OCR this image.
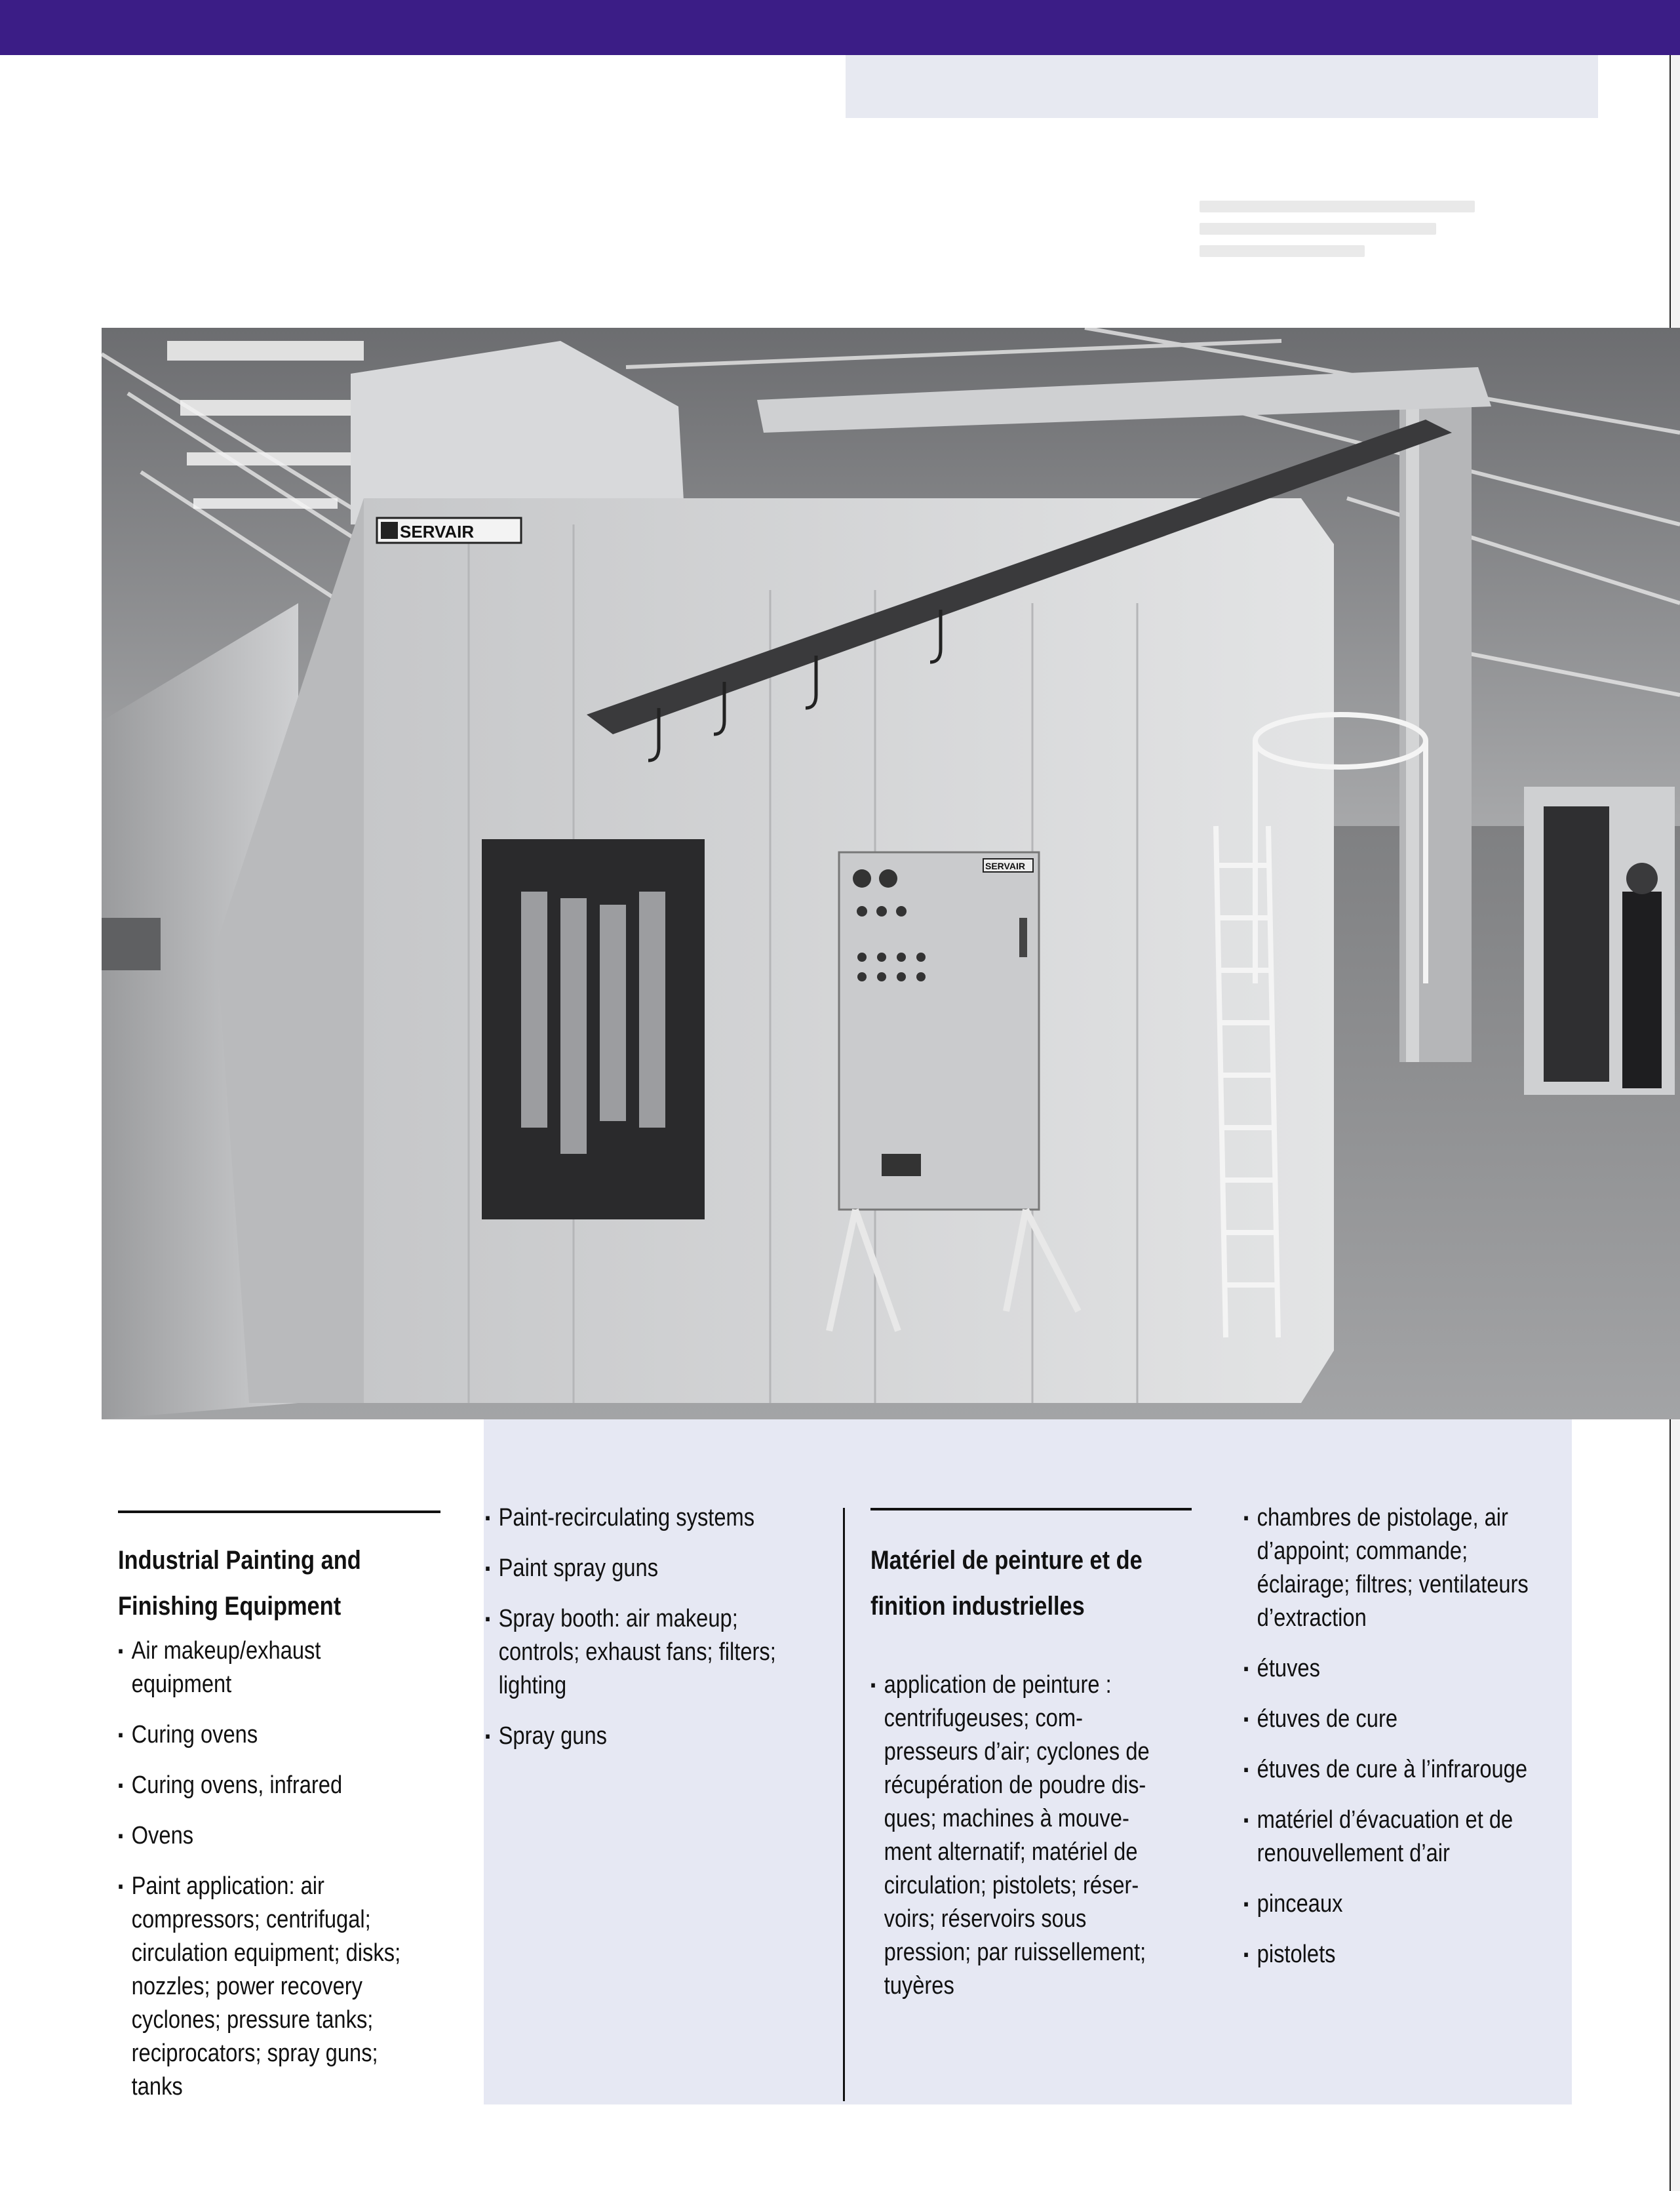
SERVAIR
SERVAIR
Industrial Painting and Finishing Equipment
▪ Air makeup/exhaust equipment
▪ Curing ovens
▪ Curing ovens, infrared
▪ Ovens
▪ Paint application: air compressors; centrifugal; circulation equipment; disks; nozzles; power recovery cyclones; pressure tanks; reciprocators; spray guns; tanks
▪ Paint-recirculating systems
▪ Paint spray guns
▪ Spray booth: air makeup; controls; exhaust fans; filters; lighting
▪ Spray guns
Matériel de peinture et de finition industrielles
▪ application de peinture : centrifugeuses; com- presseurs d’air; cyclones de récupération de poudre dis- ques; machines à mouve- ment alternatif; matériel de circulation; pistolets; réser- voirs; réservoirs sous pression; par ruissellement; tuyères
▪ chambres de pistolage, air d’appoint; commande; éclairage; filtres; ventilateurs d’extraction
▪ étuves
▪ étuves de cure
▪ étuves de cure à l’infrarouge
▪ matériel d’évacuation et de renouvellement d’air
▪ pinceaux
▪ pistolets
